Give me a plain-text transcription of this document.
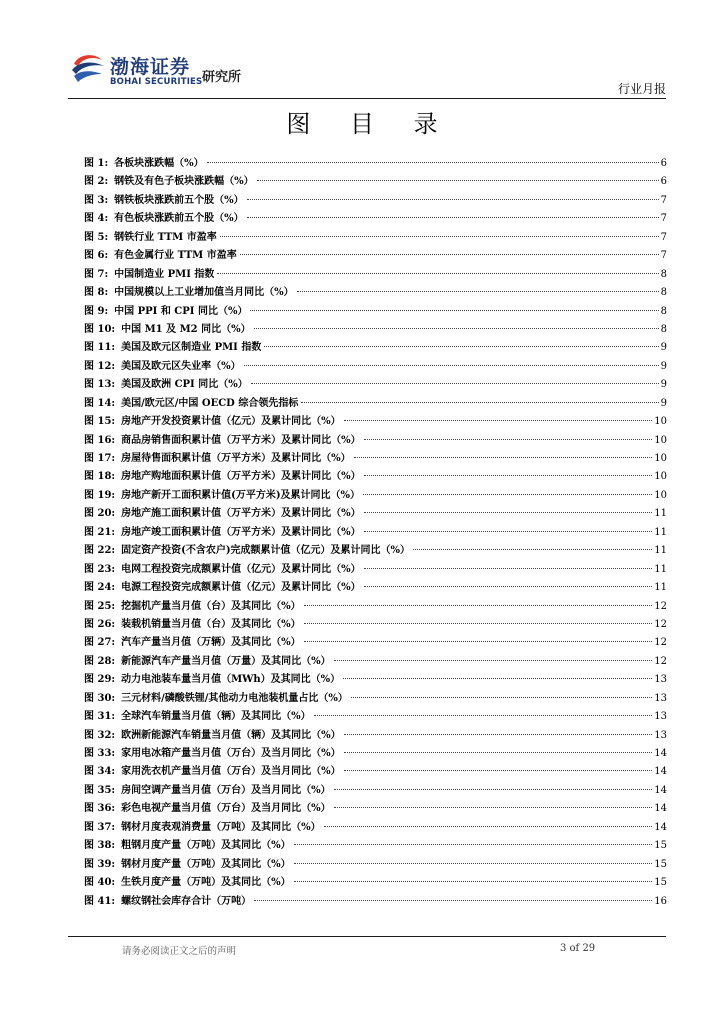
渤海证券
BOHAI SECURITIES 研究所
行业月报
图 目 录
图 1: 各板块涨跌幅（%）	6
图 2: 钢铁及有色子板块涨跌幅（%）	6
图 3: 钢铁板块涨跌前五个股（%）	7
图 4: 有色板块涨跌前五个股（%）	7
图 5: 钢铁行业 TTM 市盈率	7
图 6: 有色金属行业 TTM 市盈率	7
图 7: 中国制造业 PMI 指数	8
图 8: 中国规模以上工业增加值当月同比（%）	8
图 9: 中国 PPI 和 CPI 同比（%）	8
图 10: 中国 M1 及 M2 同比（%）	8
图 11: 美国及欧元区制造业 PMI 指数	9
图 12: 美国及欧元区失业率（%）	9
图 13: 美国及欧洲 CPI 同比（%）	9
图 14: 美国/欧元区/中国 OECD 综合领先指标	9
图 15: 房地产开发投资累计值（亿元）及累计同比（%）	10
图 16: 商品房销售面积累计值（万平方米）及累计同比（%）	10
图 17: 房屋待售面积累计值（万平方米）及累计同比（%）	10
图 18: 房地产购地面积累计值（万平方米）及累计同比（%）	10
图 19: 房地产新开工面积累计值(万平方米)及累计同比（%）	10
图 20: 房地产施工面积累计值（万平方米）及累计同比（%）	11
图 21: 房地产竣工面积累计值（万平方米）及累计同比（%）	11
图 22: 固定资产投资(不含农户)完成额累计值（亿元）及累计同比（%）	11
图 23: 电网工程投资完成额累计值（亿元）及累计同比（%）	11
图 24: 电源工程投资完成额累计值（亿元）及累计同比（%）	11
图 25: 挖掘机产量当月值（台）及其同比（%）	12
图 26: 装载机销量当月值（台）及其同比（%）	12
图 27: 汽车产量当月值（万辆）及其同比（%）	12
图 28: 新能源汽车产量当月值（万量）及其同比（%）	12
图 29: 动力电池装车量当月值（MWh）及其同比（%）	13
图 30: 三元材料/磷酸铁锂/其他动力电池装机量占比（%）	13
图 31: 全球汽车销量当月值（辆）及其同比（%）	13
图 32: 欧洲新能源汽车销量当月值（辆）及其同比（%）	13
图 33: 家用电冰箱产量当月值（万台）及当月同比（%）	14
图 34: 家用洗衣机产量当月值（万台）及当月同比（%）	14
图 35: 房间空调产量当月值（万台）及当月同比（%）	14
图 36: 彩色电视产量当月值（万台）及当月同比（%）	14
图 37: 钢材月度表观消费量（万吨）及其同比（%）	14
图 38: 粗钢月度产量（万吨）及其同比（%）	15
图 39: 钢材月度产量（万吨）及其同比（%）	15
图 40: 生铁月度产量（万吨）及其同比（%）	15
图 41: 螺纹钢社会库存合计（万吨）	16
请务必阅读正文之后的声明	3 of 29
